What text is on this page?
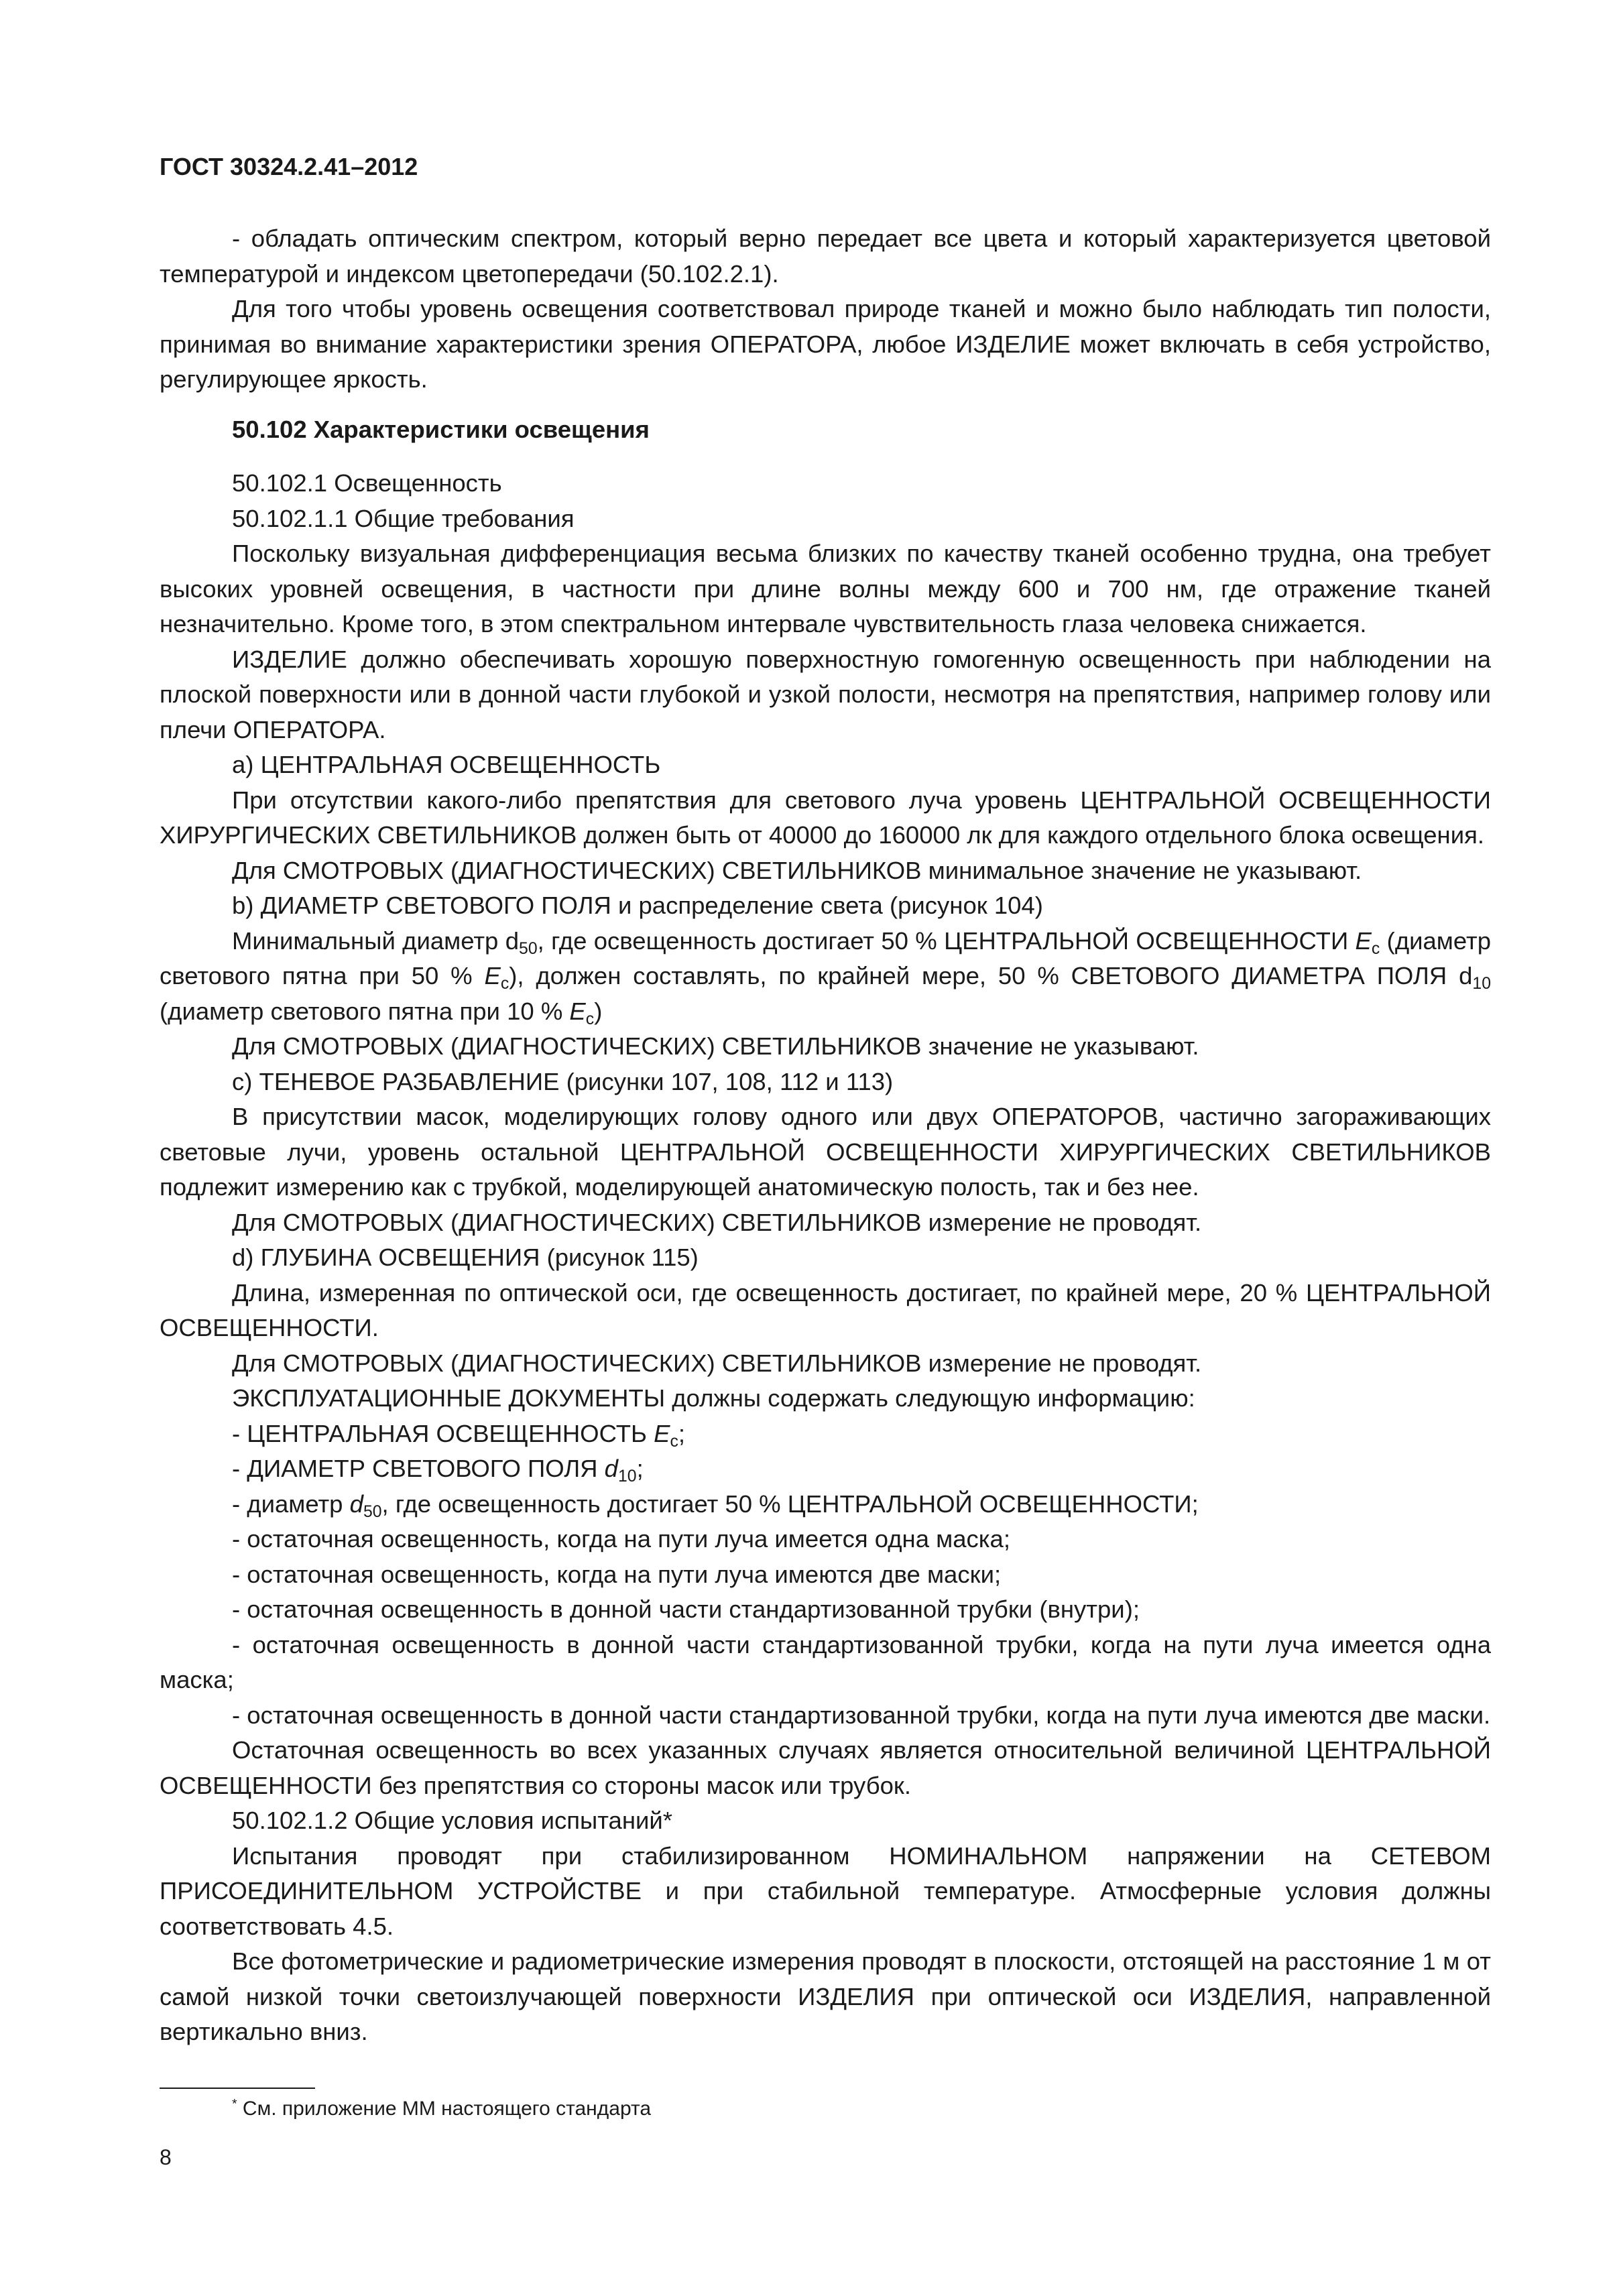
ГОСТ 30324.2.41–2012

- обладать оптическим спектром, который верно передает все цвета и который характеризуется цветовой температурой и индексом цветопередачи (50.102.2.1).

Для того чтобы уровень освещения соответствовал природе тканей и можно было наблюдать тип полости, принимая во внимание характеристики зрения ОПЕРАТОРА, любое ИЗДЕЛИЕ может включать в себя устройство, регулирующее яркость.

50.102 Характеристики освещения

50.102.1 Освещенность

50.102.1.1 Общие требования

Поскольку визуальная дифференциация весьма близких по качеству тканей особенно трудна, она требует высоких уровней освещения, в частности при длине волны между 600 и 700 нм, где отражение тканей незначительно. Кроме того, в этом спектральном интервале чувствительность глаза человека снижается.

ИЗДЕЛИЕ должно обеспечивать хорошую поверхностную гомогенную освещенность при наблюдении на плоской поверхности или в донной части глубокой и узкой полости, несмотря на препятствия, например голову или плечи ОПЕРАТОРА.

a) ЦЕНТРАЛЬНАЯ ОСВЕЩЕННОСТЬ

При отсутствии какого-либо препятствия для светового луча уровень ЦЕНТРАЛЬНОЙ ОСВЕЩЕННОСТИ ХИРУРГИЧЕСКИХ СВЕТИЛЬНИКОВ должен быть от 40000 до 160000 лк для каждого отдельного блока освещения.

Для СМОТРОВЫХ (ДИАГНОСТИЧЕСКИХ) СВЕТИЛЬНИКОВ минимальное значение не указывают.

b) ДИАМЕТР СВЕТОВОГО ПОЛЯ и распределение света (рисунок 104)

Минимальный диаметр $d_{50}$, где освещенность достигает 50 % ЦЕНТРАЛЬНОЙ ОСВЕЩЕННОСТИ $E_c$ (диаметр светового пятна при 50 % $E_c$), должен составлять, по крайней мере, 50 % СВЕТОВОГО ДИАМЕТРА ПОЛЯ $d_{10}$ (диаметр светового пятна при 10 % $E_c$)

Для СМОТРОВЫХ (ДИАГНОСТИЧЕСКИХ) СВЕТИЛЬНИКОВ значение не указывают.

c) ТЕНЕВОЕ РАЗБАВЛЕНИЕ (рисунки 107, 108, 112 и 113)

В присутствии масок, моделирующих голову одного или двух ОПЕРАТОРОВ, частично загораживающих световые лучи, уровень остальной ЦЕНТРАЛЬНОЙ ОСВЕЩЕННОСТИ ХИРУРГИЧЕСКИХ СВЕТИЛЬНИКОВ подлежит измерению как с трубкой, моделирующей анатомическую полость, так и без нее.

Для СМОТРОВЫХ (ДИАГНОСТИЧЕСКИХ) СВЕТИЛЬНИКОВ измерение не проводят.

d) ГЛУБИНА ОСВЕЩЕНИЯ (рисунок 115)

Длина, измеренная по оптической оси, где освещенность достигает, по крайней мере, 20 % ЦЕНТРАЛЬНОЙ ОСВЕЩЕННОСТИ.

Для СМОТРОВЫХ (ДИАГНОСТИЧЕСКИХ) СВЕТИЛЬНИКОВ измерение не проводят.

ЭКСПЛУАТАЦИОННЫЕ ДОКУМЕНТЫ должны содержать следующую информацию:

- ЦЕНТРАЛЬНАЯ ОСВЕЩЕННОСТЬ $E_c$;

- ДИАМЕТР СВЕТОВОГО ПОЛЯ $d_{10}$;

- диаметр $d_{50}$, где освещенность достигает 50 % ЦЕНТРАЛЬНОЙ ОСВЕЩЕННОСТИ;

- остаточная освещенность, когда на пути луча имеется одна маска;

- остаточная освещенность, когда на пути луча имеются две маски;

- остаточная освещенность в донной части стандартизованной трубки (внутри);

- остаточная освещенность в донной части стандартизованной трубки, когда на пути луча имеется одна маска;

- остаточная освещенность в донной части стандартизованной трубки, когда на пути луча имеются две маски.

Остаточная освещенность во всех указанных случаях является относительной величиной ЦЕНТРАЛЬНОЙ ОСВЕЩЕННОСТИ без препятствия со стороны масок или трубок.

50.102.1.2 Общие условия испытаний*

Испытания проводят при стабилизированном НОМИНАЛЬНОМ напряжении на СЕТЕВОМ ПРИСОЕДИНИТЕЛЬНОМ УСТРОЙСТВЕ и при стабильной температуре. Атмосферные условия должны соответствовать 4.5.

Все фотометрические и радиометрические измерения проводят в плоскости, отстоящей на расстояние 1 м от самой низкой точки светоизлучающей поверхности ИЗДЕЛИЯ при оптической оси ИЗДЕЛИЯ, направленной вертикально вниз.

* См. приложение ММ настоящего стандарта
8
